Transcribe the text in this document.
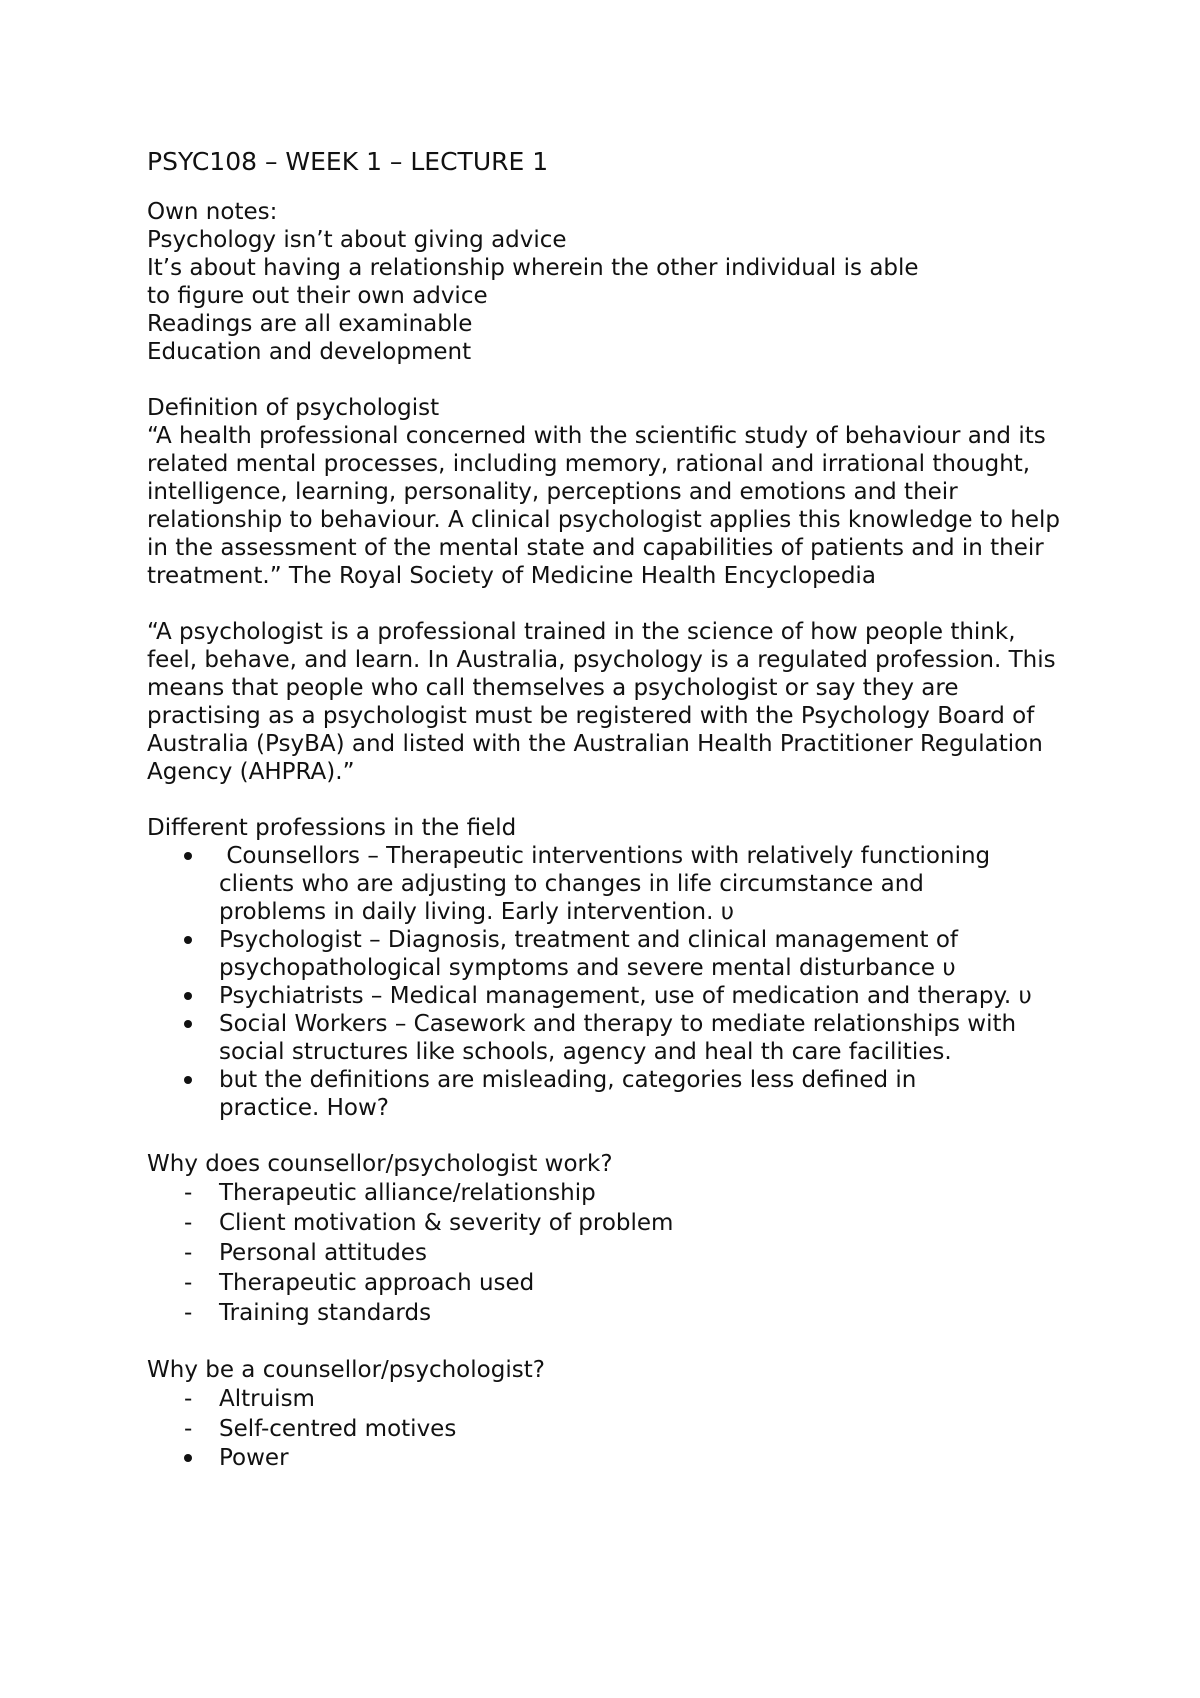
PSYC108 – WEEK 1 – LECTURE 1
Own notes:
Psychology isn’t about giving advice
It’s about having a relationship wherein the other individual is able to figure out their own advice
Readings are all examinable
Education and development
Definition of psychologist
“A health professional concerned with the scientific study of behaviour and its related mental processes, including memory, rational and irrational thought, intelligence, learning, personality, perceptions and emotions and their relationship to behaviour. A clinical psychologist applies this knowledge to help in the assessment of the mental state and capabilities of patients and in their treatment.” The Royal Society of Medicine Health Encyclopedia
“A psychologist is a professional trained in the science of how people think, feel, behave, and learn. In Australia, psychology is a regulated profession. This means that people who call themselves a psychologist or say they are practising as a psychologist must be registered with the Psychology Board of Australia (PsyBA) and listed with the Australian Health Practitioner Regulation Agency (AHPRA).”
Different professions in the field
Counsellors – Therapeutic interventions with relatively functioning clients who are adjusting to changes in life circumstance and problems in daily living. Early intervention. υ
Psychologist – Diagnosis, treatment and clinical management of psychopathological symptoms and severe mental disturbance υ
Psychiatrists – Medical management, use of medication and therapy. υ
Social Workers – Casework and therapy to mediate relationships with social structures like schools, agency and heal th care facilities.
but the definitions are misleading, categories less defined in practice. How?
Why does counsellor/psychologist work?
- Therapeutic alliance/relationship
- Client motivation & severity of problem
- Personal attitudes
- Therapeutic approach used
- Training standards
Why be a counsellor/psychologist?
- Altruism
- Self-centred motives
Power
